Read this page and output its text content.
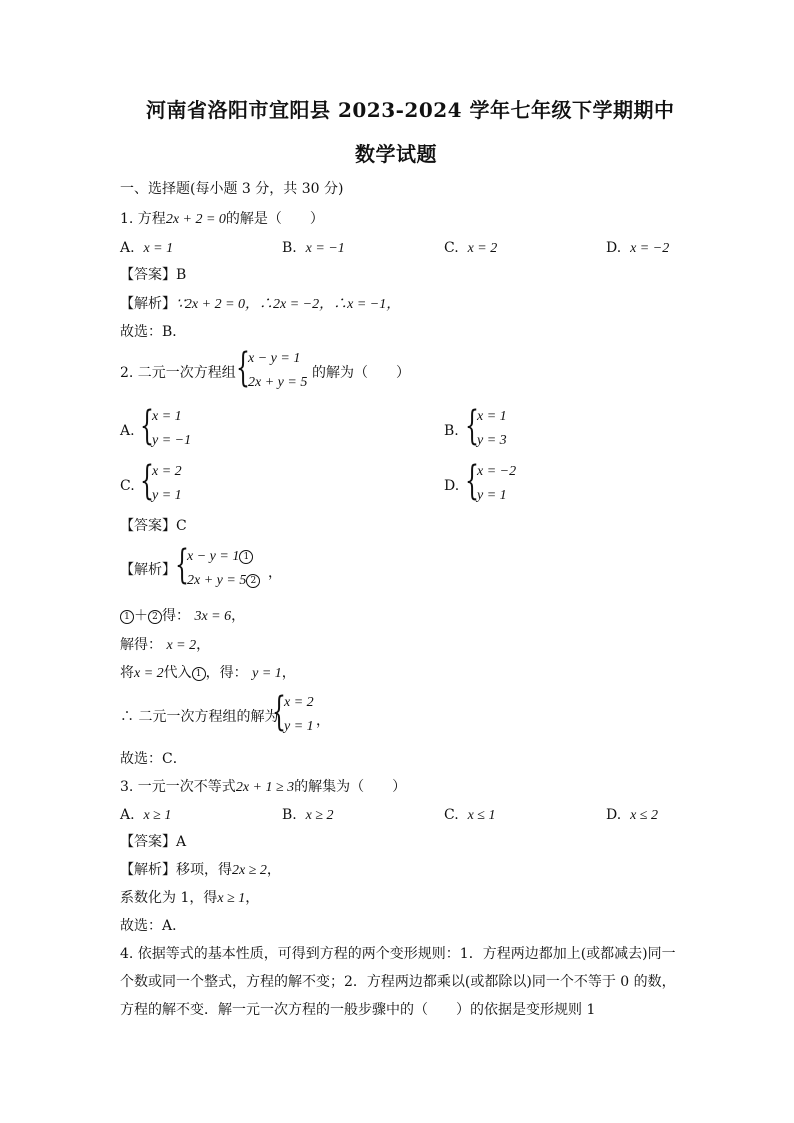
河南省洛阳市宜阳县 2023-2024 学年七年级下学期期中
数学试题
一、选择题(每小题 3 分，共 30 分)
1. 方程2x + 2 = 0的解是（　　）
A. x = 1	B. x = −1	C. x = 2	D. x = −2
【答案】B
【解析】∵2x + 2 = 0，∴2x = −2，∴x = −1，
故选：B．
2. 二元一次方程组 {
x − y = 1
2x + y = 5
的解为（　　）
A. {
x = 1
y = −1
B. {
x = 1
y = 3
C. {
x = 2
y = 1
D. {
x = −2
y = 1
【答案】C
【解析】 {
x − y = 1 1
2x + y = 5 2 ，
1 ＋ 2 得： 3x = 6，
解得： x = 2，
将x = 2代入 1 ，得： y = 1，
∴ 二元一次方程组的解为
{
x = 2
y = 1 ，
故选：C．
3. 一元一次不等式2x + 1 ≥ 3的解集为（　　）
A. x ≥ 1	B. x ≥ 2	C. x ≤ 1	D. x ≤ 2
【答案】A
【解析】移项，得2x ≥ 2，
系数化为 1，得x ≥ 1，
故选：A．
4. 依据等式的基本性质，可得到方程的两个变形规则：1．方程两边都加上(或都减去)同一
个数或同一个整式，方程的解不变；2．方程两边都乘以(或都除以)同一个不等于 0 的数，
方程的解不变．解一元一次方程的一般步骤中的（　　）的依据是变形规则 1
